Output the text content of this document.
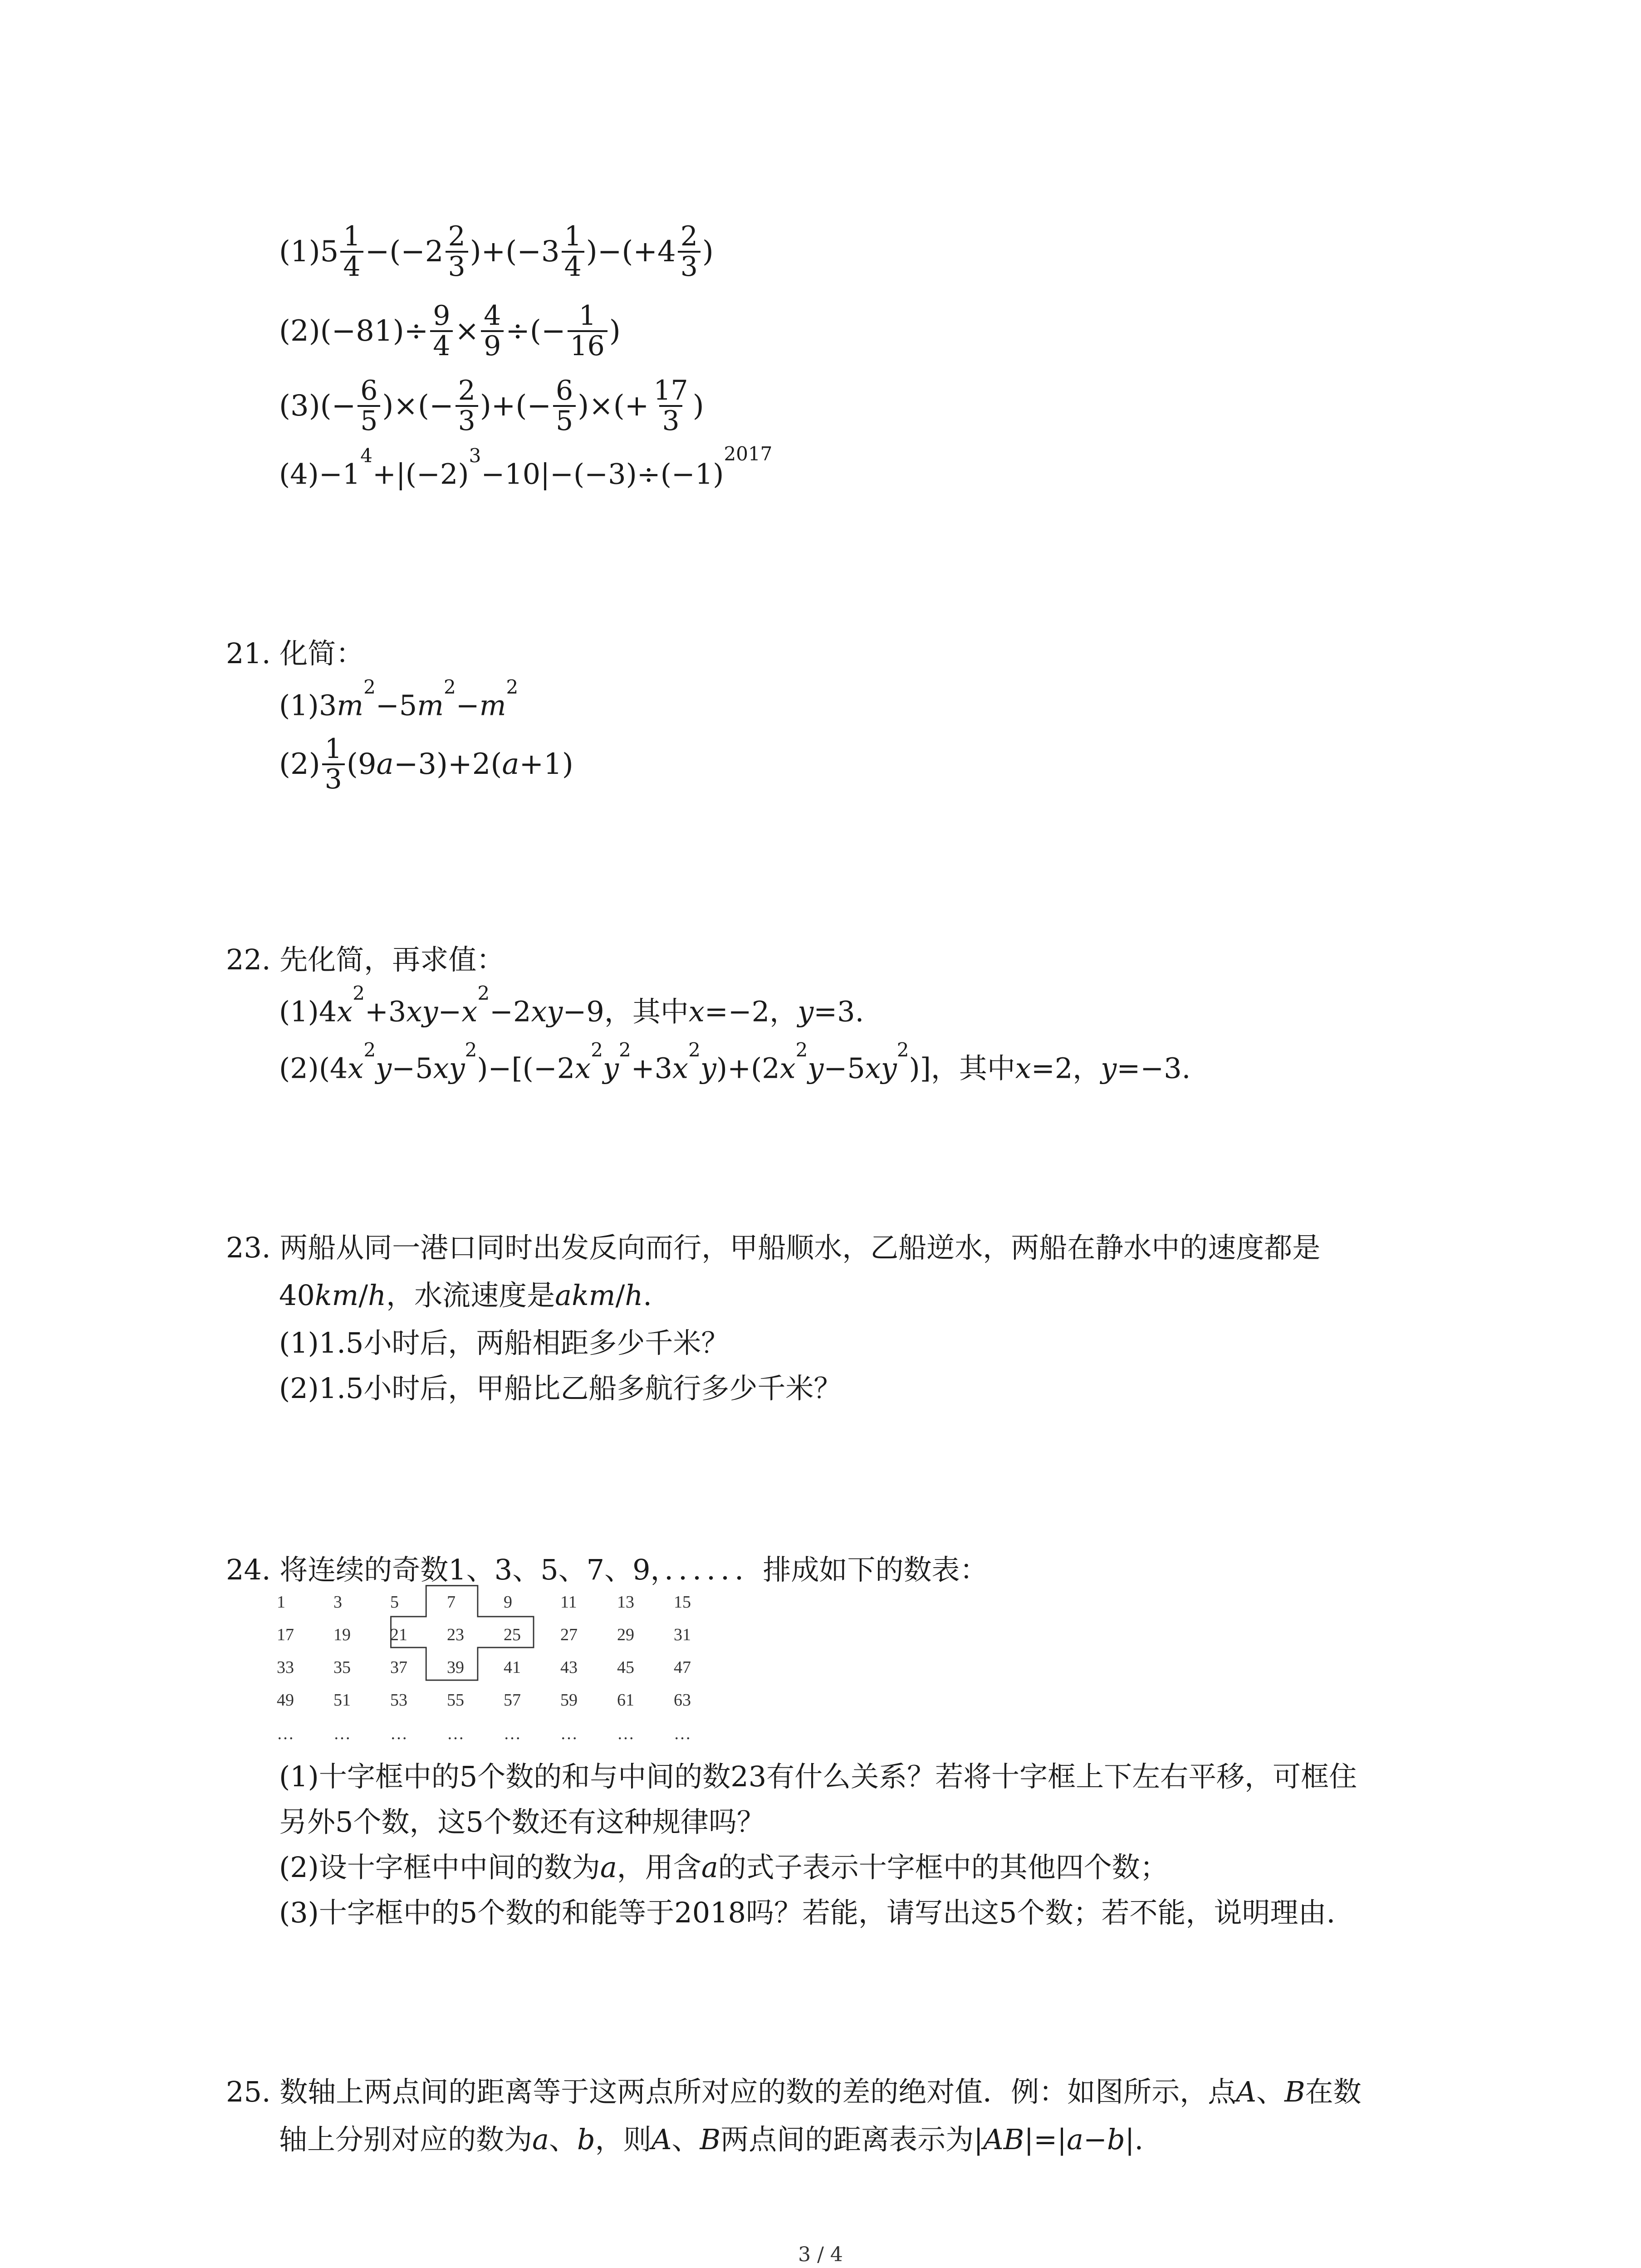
$(1)5 \frac{1}{4} -(-2 \frac{2}{3} )+(-3 \frac{1}{4} )-(+4 \frac{2}{3}$ )
$(2)(-81)\div \frac{9}{4} \times \frac{4}{9}$ ÷(− $\frac{1}{16}$ )
$(3)(- \frac{6}{5}$ )×(− $\frac{2}{3}$ )+(− $\frac{6}{5}$ )×(+ $\frac{17}{3}$ )
$(4)-1^4+|(-2)^3-10|-(-3)\div(-1)^{2017}$
21. 化简：
$(1)3m^2-5m^2-m^2$
$(2) \frac{1}{3} (9$ a −3)+2( a +1)
22. 先化简，再求值：
$(1)4x^2+3xy-x^2-2xy-9$，其中x=−2，y=3.
$(2)(4x^2y-5xy^2)-[(-2x^2y^2+3x^2y)+(2x^2y-5xy^2)]$，其中x=2，y=−3.
23. 两船从同一港口同时出发反向而行，甲船顺水，乙船逆水，两船在静水中的速度都是
40km/h，水流速度是akm/h.
(1)1.5小时后，两船相距多少千米？
(2)1.5小时后，甲船比乙船多航行多少千米？
24. 将连续的奇数1、3、5、7、9，．．．．．．排成如下的数表：
1	3	5	7	9	11 13 15
17 19 21 23 25 27 29 31
33 35 37 39 41 43 45 47
49 51 53 55 57 59 61 63
… … … … … … … …
(1)十字框中的5个数的和与中间的数23有什么关系？若将十字框上下左右平移，可框住
另外5个数，这5个数还有这种规律吗？
(2)设十字框中中间的数为a，用含a的式子表示十字框中的其他四个数；
(3)十字框中的5个数的和能等于2018吗？若能，请写出这5个数；若不能，说明理由.
25. 数轴上两点间的距离等于这两点所对应的数的差的绝对值．例：如图所示，点A、B在数
轴上分别对应的数为a、b，则A、B两点间的距离表示为|AB|=|a−b|.
3 / 4
